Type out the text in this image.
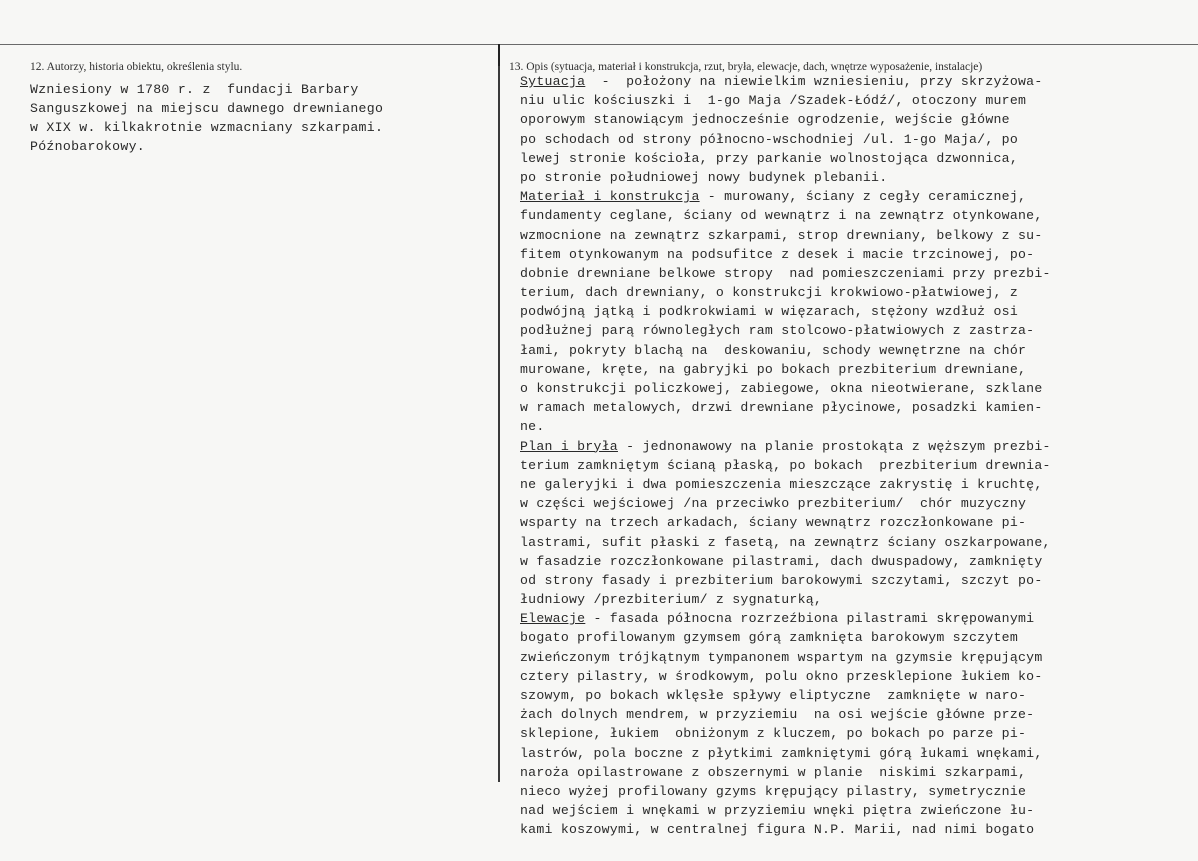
12. Autorzy, historia obiektu, określenia stylu.	13. Opis (sytuacja, materiał i konstrukcja, rzut, bryła, elewacje, dach, wnętrze wyposażenie, instalacje)
Wzniesiony w 1780 r. z  fundacji Barbary
Sanguszkowej na miejscu dawnego drewnianego
w XIX w. kilkakrotnie wzmacniany szkarpami.
Późnobarokowy.
Sytuacja  -  położony na niewielkim wzniesieniu, przy skrzyżowa-
niu ulic kościuszki i  1-go Maja /Szadek-Łódź/, otoczony murem
oporowym stanowiącym jednocześnie ogrodzenie, wejście główne
po schodach od strony północno-wschodniej /ul. 1-go Maja/, po
lewej stronie kościoła, przy parkanie wolnostojąca dzwonnica,
po stronie południowej nowy budynek plebanii.
Materiał i konstrukcja - murowany, ściany z cegły ceramicznej,
fundamenty ceglane, ściany od wewnątrz i na zewnątrz otynkowane,
wzmocnione na zewnątrz szkarpami, strop drewniany, belkowy z su-
fitem otynkowanym na podsufitce z desek i macie trzcinowej, po-
dobnie drewniane belkowe stropy  nad pomieszczeniami przy prezbi-
terium, dach drewniany, o konstrukcji krokwiowo-płatwiowej, z
podwójną jątką i podkrokwiami w więzarach, stężony wzdłuż osi
podłużnej parą równoległych ram stolcowo-płatwiowych z zastrza-
łami, pokryty blachą na  deskowaniu, schody wewnętrzne na chór
murowane, kręte, na gabryjki po bokach prezbiterium drewniane,
o konstrukcji policzkowej, zabiegowe, okna nieotwierane, szklane
w ramach metalowych, drzwi drewniane płycinowe, posadzki kamien-
ne.
Plan i bryła - jednonawowy na planie prostokąta z węższym prezbi-
terium zamkniętym ścianą płaską, po bokach  prezbiterium drewnia-
ne galeryjki i dwa pomieszczenia mieszczące zakrystię i kruchtę,
w części wejściowej /na przeciwko prezbiterium/  chór muzyczny
wsparty na trzech arkadach, ściany wewnątrz rozczłonkowane pi-
lastrami, sufit płaski z fasetą, na zewnątrz ściany oszkarpowane,
w fasadzie rozczłonkowane pilastrami, dach dwuspadowy, zamknięty
od strony fasady i prezbiterium barokowymi szczytami, szczyt po-
łudniowy /prezbiterium/ z sygnaturką,
Elewacje - fasada północna rozrzeźbiona pilastrami skrępowanymi
bogato profilowanym gzymsem górą zamknięta barokowym szczytem
zwieńczonym trójkątnym tympanonem wspartym na gzymsie krępującym
cztery pilastry, w środkowym, polu okno przesklepione łukiem ko-
szowym, po bokach wklęsłe spływy eliptyczne  zamknięte w naro-
żach dolnych mendrem, w przyziemiu  na osi wejście główne prze-
sklepione, łukiem  obniżonym z kluczem, po bokach po parze pi-
lastrów, pola boczne z płytkimi zamkniętymi górą łukami wnękami,
naroża opilastrowane z obszernymi w planie  niskimi szkarpami,
nieco wyżej profilowany gzyms krępujący pilastry, symetrycznie
nad wejściem i wnękami w przyziemiu wnęki piętra zwieńczone łu-
kami koszowymi, w centralnej figura N.P. Marii, nad nimi bogato
